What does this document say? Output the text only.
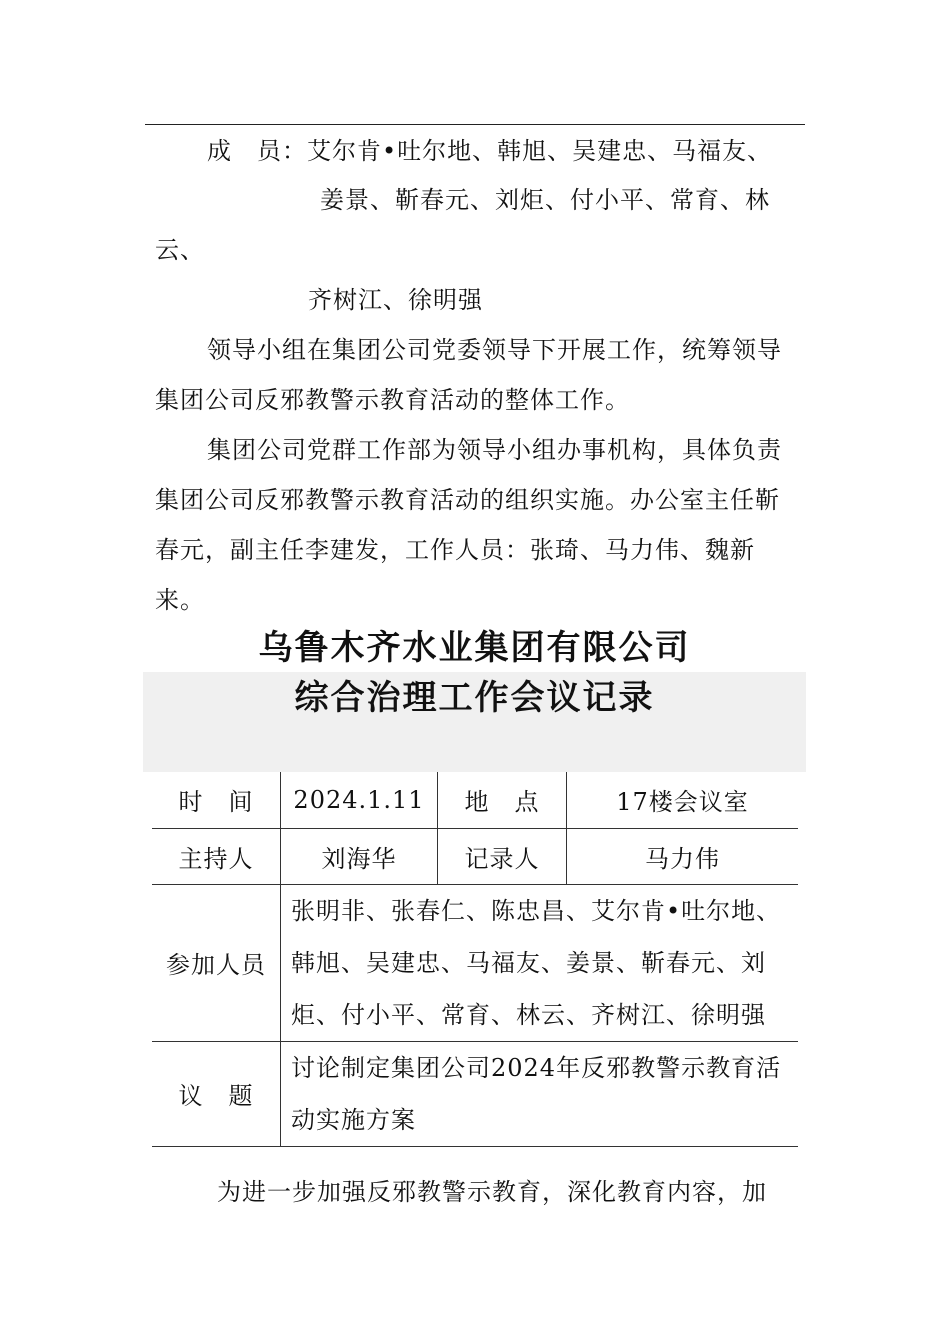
成　员：艾尔肯•吐尔地、韩旭、吴建忠、马福友、
姜景、靳春元、刘炬、付小平、常育、林
云、
齐树江、徐明强
领导小组在集团公司党委领导下开展工作，统筹领导
集团公司反邪教警示教育活动的整体工作。
集团公司党群工作部为领导小组办事机构，具体负责
集团公司反邪教警示教育活动的组织实施。办公室主任靳
春元，副主任李建发，工作人员：张琦、马力伟、魏新
来。
乌鲁木齐水业集团有限公司
综合治理工作会议记录
时　间	2024.1.11	地　点	17楼会议室
主持人	刘海华	记录人	马力伟
参加人员	张明非、张春仁、陈忠昌、艾尔肯•吐尔地、
韩旭、吴建忠、马福友、姜景、靳春元、刘
炬、付小平、常育、林云、齐树江、徐明强		

议　题	讨论制定集团公司2024年反邪教警示教育活
动实施方案		
为进一步加强反邪教警示教育，深化教育内容，加
